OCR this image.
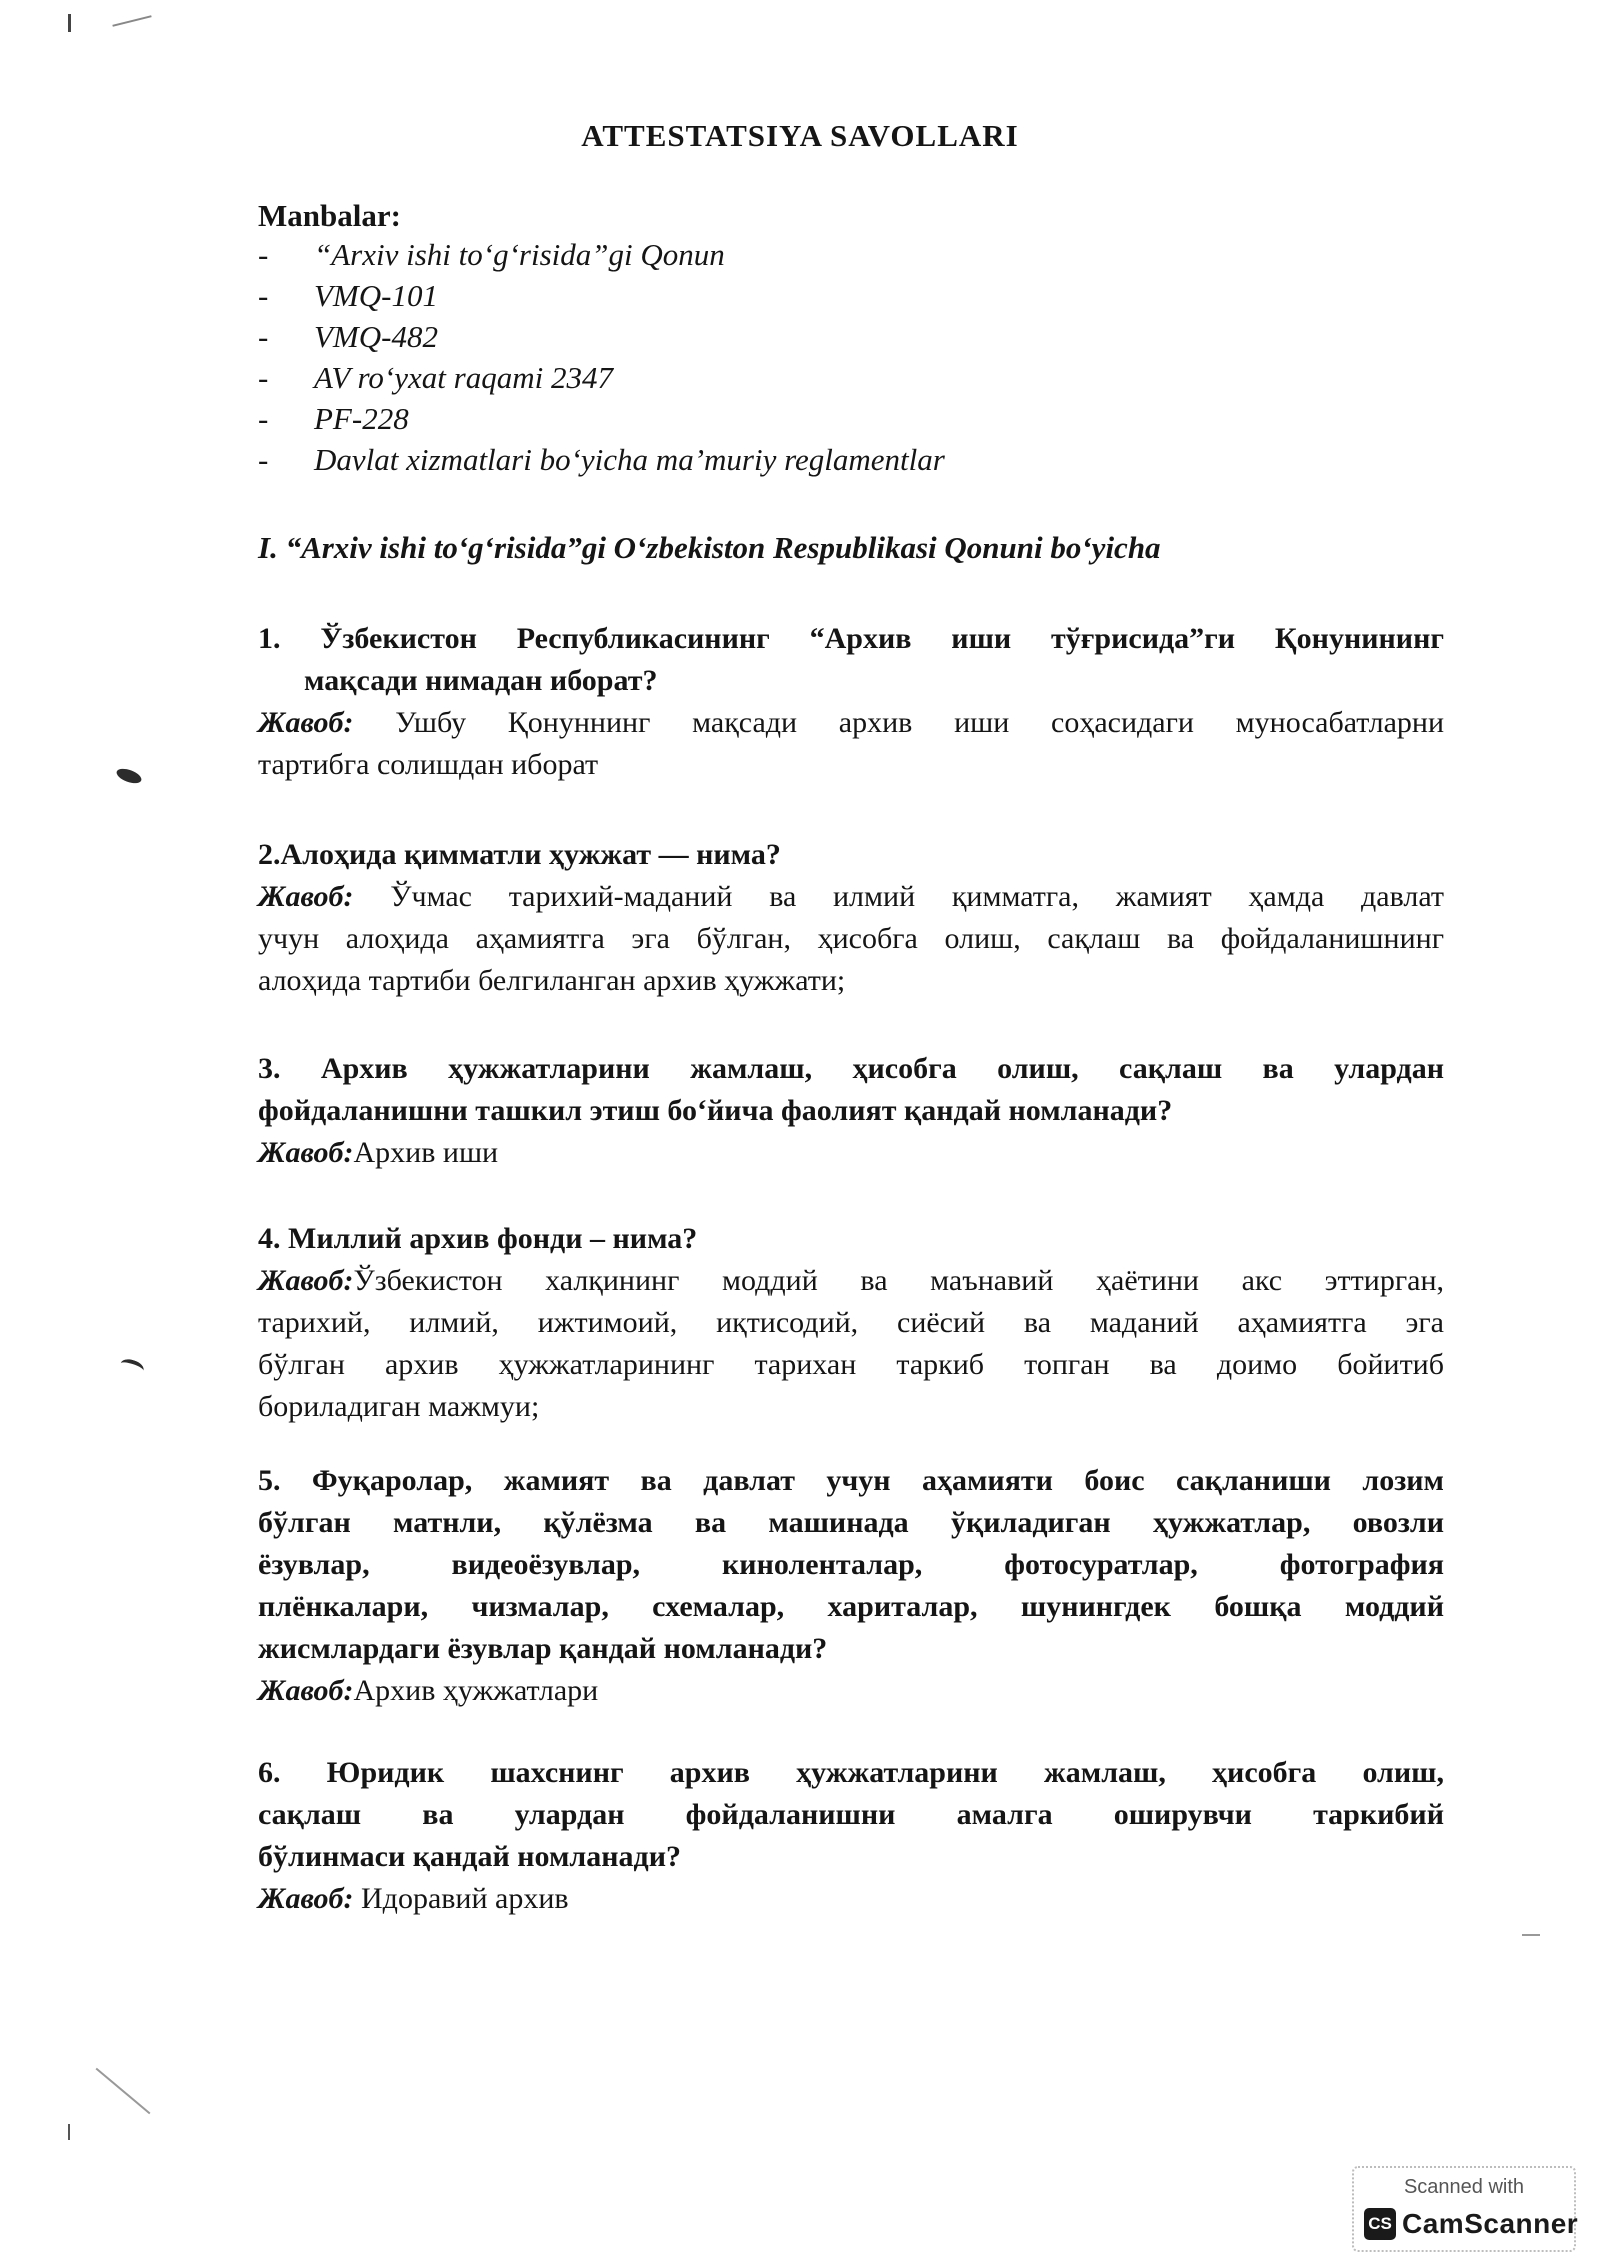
ATTESTATSIYA SAVOLLARI
Manbalar:
-	“Arxiv ishi to‘g‘risida”gi Qonun
-	VMQ-101
-	VMQ-482
-	AV ro‘yxat raqami 2347
-	PF-228
-	Davlat xizmatlari bo‘yicha ma’muriy reglamentlar
I. “Arxiv ishi to‘g‘risida”gi O‘zbekiston Respublikasi Qonuni bo‘yicha
1. Ўзбекистон Республикасининг “Архив иши тўғрисида”ги Қонунининг
мақсади нимадан иборат?
Жавоб: Ушбу Қонуннинг мақсади архив иши соҳасидаги муносабатларни
тартибга солишдан иборат
2.Алоҳида қимматли ҳужжат — нима?
Жавоб: Ўчмас тарихий-маданий ва илмий қимматга, жамият ҳамда давлат
учун алоҳида аҳамиятга эга бўлган, ҳисобга олиш, сақлаш ва фойдаланишнинг
алоҳида тартиби белгиланган архив ҳужжати;
3. Архив ҳужжатларини жамлаш, ҳисобга олиш, сақлаш ва улардан
фойдаланишни ташкил этиш бо‘йича фаолият қандай номланади?
Жавоб:Архив иши
4. Миллий архив фонди – нима?
Жавоб:Ўзбекистон халқининг моддий ва маънавий ҳаётини акс эттирган,
тарихий, илмий, ижтимоий, иқтисодий, сиёсий ва маданий аҳамиятга эга
бўлган архив ҳужжатларининг тарихан таркиб топган ва доимо бойитиб
бориладиган мажмуи;
5. Фуқаролар, жамият ва давлат учун аҳамияти боис сақланиши лозим
бўлган матнли, қўлёзма ва машинада ўқиладиган ҳужжатлар, овозли
ёзувлар, видеоёзувлар, киноленталар, фотосуратлар, фотография
плёнкалари, чизмалар, схемалар, хариталар, шунингдек бошқа моддий
жисмлардаги ёзувлар қандай номланади?
Жавоб:Архив ҳужжатлари
6. Юридик шахснинг архив ҳужжатларини жамлаш, ҳисобга олиш,
сақлаш ва улардан фойдаланишни амалга оширувчи таркибий
бўлинмаси қандай номланади?
Жавоб: Идоравий архив
Scanned with
CS CamScanner
